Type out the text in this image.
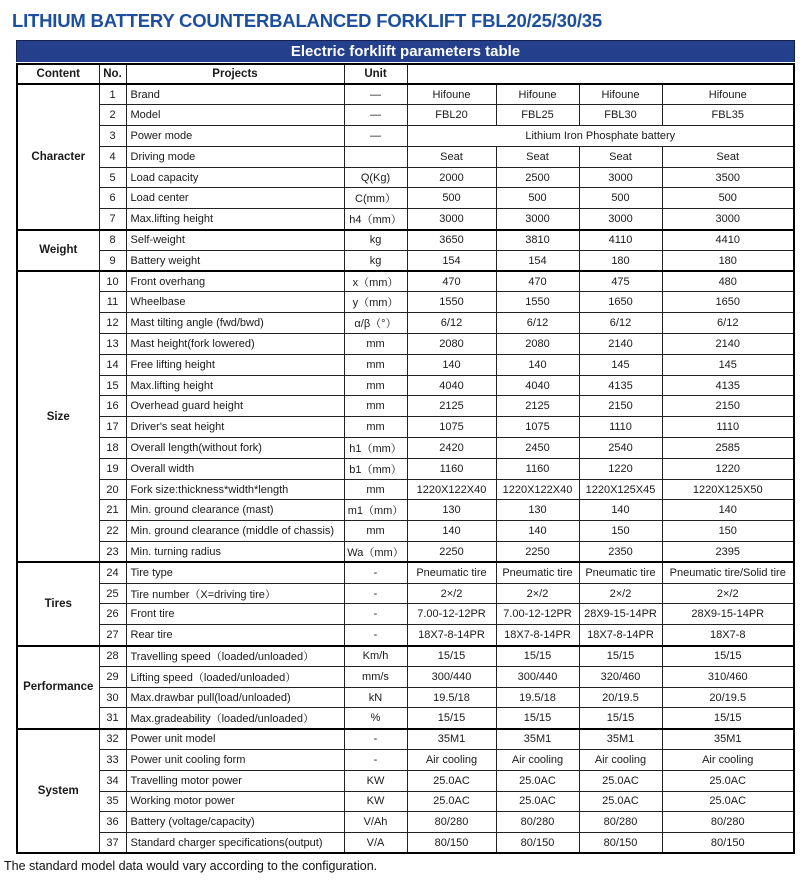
LITHIUM BATTERY COUNTERBALANCED FORKLIFT FBL20/25/30/35
Electric forklift parameters table
Content	No.	Projects	Unit				
Character	1	Brand	—	Hifoune	Hifoune	Hifoune	Hifoune
	2	Model	—	FBL20	FBL25	FBL30	FBL35
	3	Power mode	—	Lithium Iron Phosphate battery			
	4	Driving mode		Seat	Seat	Seat	Seat
	5	Load capacity	Q(Kg)	2000	2500	3000	3500
	6	Load center	C(mm）	500	500	500	500
	7	Max.lifting height	h4（mm）	3000	3000	3000	3000
Weight	8	Self-weight	kg	3650	3810	4110	4410
	9	Battery weight	kg	154	154	180	180
Size	10	Front overhang	x（mm）	470	470	475	480
	11	Wheelbase	y（mm）	1550	1550	1650	1650
	12	Mast tilting angle (fwd/bwd)	α/β（°）	6/12	6/12	6/12	6/12
	13	Mast height(fork lowered)	mm	2080	2080	2140	2140
	14	Free lifting height	mm	140	140	145	145
	15	Max.lifting height	mm	4040	4040	4135	4135
	16	Overhead guard height	mm	2125	2125	2150	2150
	17	Driver's seat height	mm	1075	1075	1110	1110
	18	Overall length(without fork)	h1（mm）	2420	2450	2540	2585
	19	Overall width	b1（mm）	1160	1160	1220	1220
	20	Fork size:thickness*width*length	mm	1220X122X40	1220X122X40	1220X125X45	1220X125X50
	21	Min. ground clearance (mast)	m1（mm）	130	130	140	140
	22	Min. ground clearance (middle of chassis)	mm	140	140	150	150
	23	Min. turning radius	Wa（mm）	2250	2250	2350	2395
Tires	24	Tire type	-	Pneumatic tire	Pneumatic tire	Pneumatic tire	Pneumatic tire/Solid tire
	25	Tire number（X=driving tire）	-	2×/2	2×/2	2×/2	2×/2
	26	Front tire	-	7.00-12-12PR	7.00-12-12PR	28X9-15-14PR	28X9-15-14PR
	27	Rear tire	-	18X7-8-14PR	18X7-8-14PR	18X7-8-14PR	18X7-8
Performance	28	Travelling speed（loaded/unloaded）	Km/h	15/15	15/15	15/15	15/15
	29	Lifting speed（loaded/unloaded）	mm/s	300/440	300/440	320/460	310/460
	30	Max.drawbar pull(load/unloaded)	kN	19.5/18	19.5/18	20/19.5	20/19.5
	31	Max.gradeability（loaded/unloaded）	%	15/15	15/15	15/15	15/15
System	32	Power unit model	-	35M1	35M1	35M1	35M1
	33	Power unit cooling form	-	Air cooling	Air cooling	Air cooling	Air cooling
	34	Travelling motor power	KW	25.0AC	25.0AC	25.0AC	25.0AC
	35	Working motor power	KW	25.0AC	25.0AC	25.0AC	25.0AC
	36	Battery (voltage/capacity)	V/Ah	80/280	80/280	80/280	80/280
	37	Standard charger specifications(output)	V/A	80/150	80/150	80/150	80/150

The standard model data would vary according to the configuration.
